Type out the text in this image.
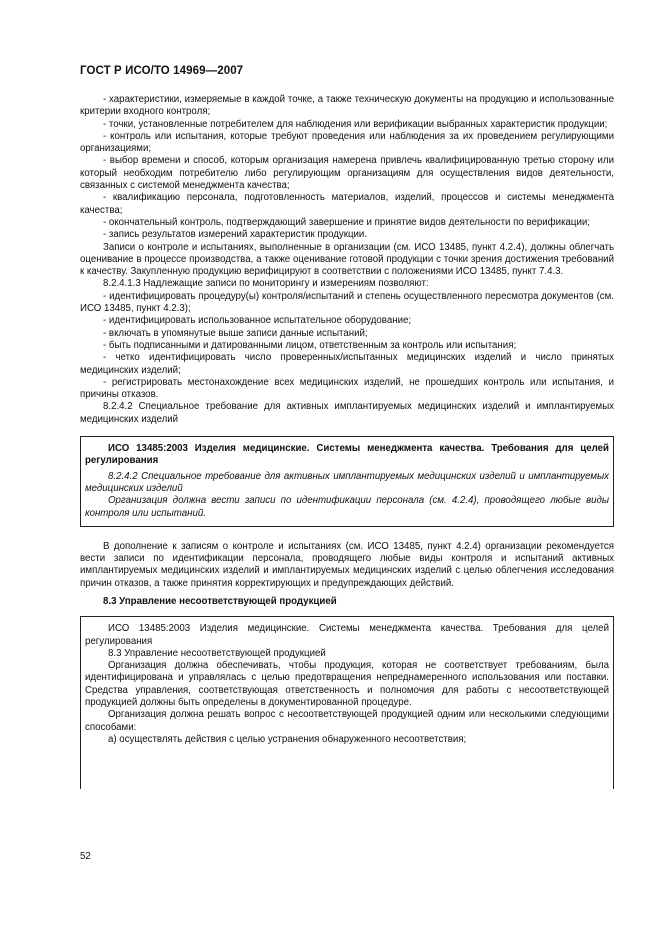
ГОСТ Р ИСО/ТО 14969—2007

- характеристики, измеряемые в каждой точке, а также техническую документы на продукцию и использованные критерии входного контроля;

- точки, установленные потребителем для наблюдения или верификации выбранных характеристик продукции;

- контроль или испытания, которые требуют проведения или наблюдения за их проведением регулирующими организациями;

- выбор времени и способ, которым организация намерена привлечь квалифицированную третью сторону или который необходим потребителю либо регулирующим организациям для осуществления видов деятельности, связанных с системой менеджмента качества;

- квалификацию персонала, подготовленность материалов, изделий, процессов и системы менеджмента качества;

- окончательный контроль, подтверждающий завершение и принятие видов деятельности по верификации;

- запись результатов измерений характеристик продукции.

Записи о контроле и испытаниях, выполненные в организации (см. ИСО 13485, пункт 4.2.4), должны облегчать оценивание в процессе производства, а также оценивание готовой продукции с точки зрения достижения требований к качеству. Закупленную продукцию верифицируют в соответствии с положениями ИСО 13485, пункт 7.4.3.

8.2.4.1.3 Надлежащие записи по мониторингу и измерениям позволяют:

- идентифицировать процедуру(ы) контроля/испытаний и степень осуществленного пересмотра документов (см. ИСО 13485, пункт 4.2.3);

- идентифицировать использованное испытательное оборудование;

- включать в упомянутые выше записи данные испытаний;

- быть подписанными и датированными лицом, ответственным за контроль или испытания;

- четко идентифицировать число проверенных/испытанных медицинских изделий и число принятых медицинских изделий;

- регистрировать местонахождение всех медицинских изделий, не прошедших контроль или испытания, и причины отказов.

8.2.4.2 Специальное требование для активных имплантируемых медицинских изделий и имплантируемых медицинских изделий

ИСО 13485:2003 Изделия медицинские. Системы менеджмента качества. Требования для целей регулирования

8.2.4.2 Специальное требование для активных имплантируемых медицинских изделий и имплантируемых медицинских изделий

Организация должна вести записи по идентификации персонала (см. 4.2.4), проводящего любые виды контроля или испытаний.

В дополнение к записям о контроле и испытаниях (см. ИСО 13485, пункт 4.2.4) организации рекомендуется вести записи по идентификации персонала, проводящего любые виды контроля и испытаний активных имплантируемых медицинских изделий и имплантируемых медицинских изделий с целью облегчения исследования причин отказов, а также принятия корректирующих и предупреждающих действий.

8.3 Управление несоответствующей продукцией

ИСО 13485:2003 Изделия медицинские. Системы менеджмента качества. Требования для целей регулирования

8.3 Управление несоответствующей продукцией

Организация должна обеспечивать, чтобы продукция, которая не соответствует требованиям, была идентифицирована и управлялась с целью предотвращения непреднамеренного использования или поставки. Средства управления, соответствующая ответственность и полномочия для работы с несоответствующей продукцией должны быть определены в документированной процедуре.

Организация должна решать вопрос с несоответствующей продукцией одним или несколькими следующими способами:

а) осуществлять действия с целью устранения обнаруженного несоответствия;

52
